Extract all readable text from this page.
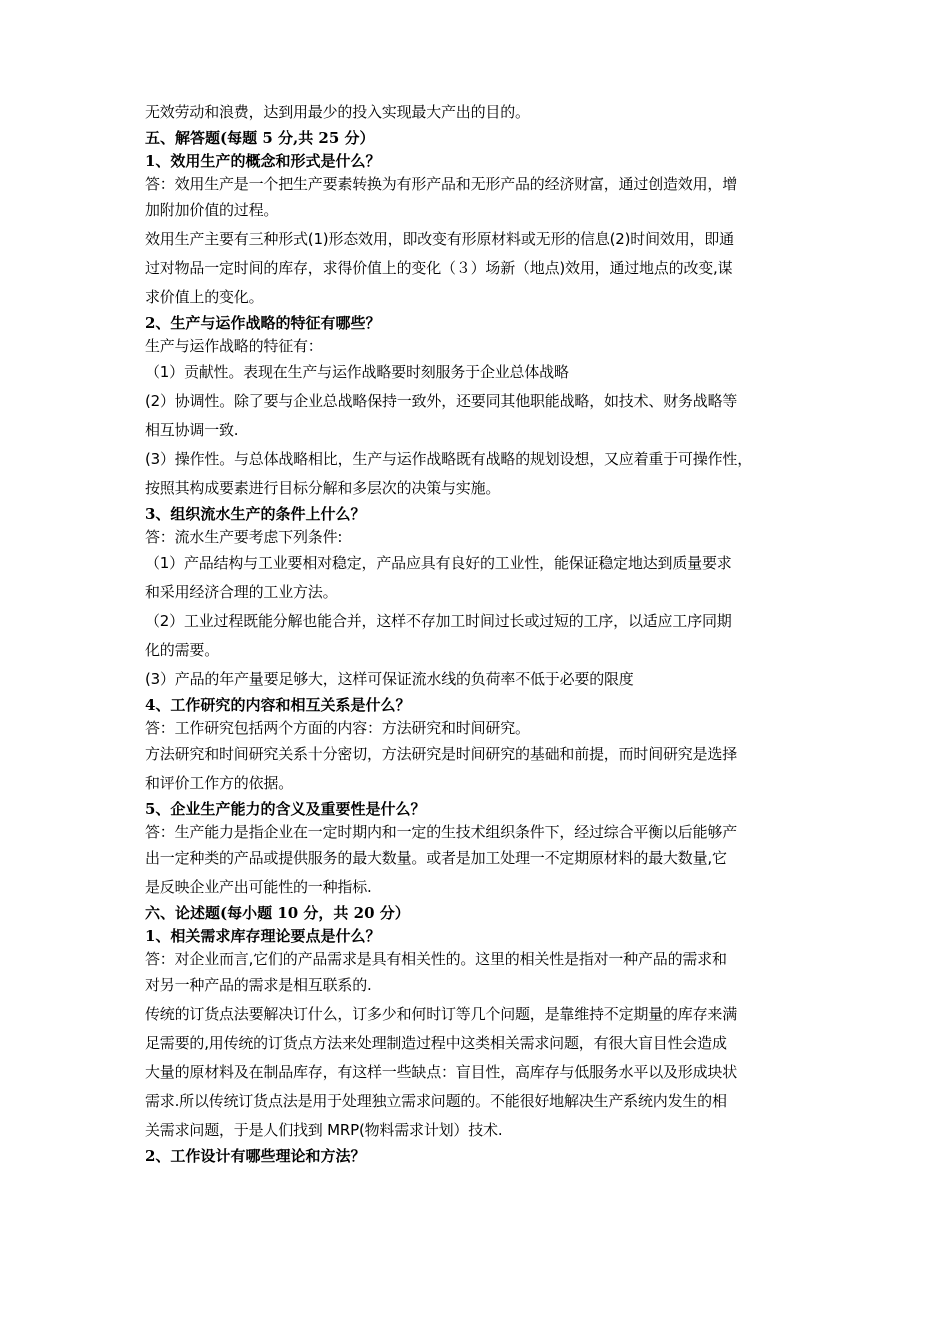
无效劳动和浪费，达到用最少的投入实现最大产出的目的。
五、解答题(每题 5 分,共 25 分）
1、效用生产的概念和形式是什么？
答：效用生产是一个把生产要素转换为有形产品和无形产品的经济财富，通过创造效用，增
加附加价值的过程。
效用生产主要有三种形式(1)形态效用，即改变有形原材料或无形的信息(2)时间效用，即通
过对物品一定时间的库存，求得价值上的变化（３）场新（地点)效用，通过地点的改变,谋
求价值上的变化。
2、生产与运作战略的特征有哪些？
生产与运作战略的特征有：
（1）贡献性。表现在生产与运作战略要时刻服务于企业总体战略
(2）协调性。除了要与企业总战略保持一致外，还要同其他职能战略，如技术、财务战略等
相互协调一致.
(3）操作性。与总体战略相比，生产与运作战略既有战略的规划设想，又应着重于可操作性，
按照其构成要素进行目标分解和多层次的决策与实施。
3、组织流水生产的条件上什么？
答：流水生产要考虑下列条件:
（1）产品结构与工业要相对稳定，产品应具有良好的工业性，能保证稳定地达到质量要求
和采用经济合理的工业方法。
（2）工业过程既能分解也能合并，这样不存加工时间过长或过短的工序，以适应工序同期
化的需要。
(3）产品的年产量要足够大，这样可保证流水线的负荷率不低于必要的限度
4、工作研究的内容和相互关系是什么？
答：工作研究包括两个方面的内容：方法研究和时间研究。
方法研究和时间研究关系十分密切，方法研究是时间研究的基础和前提，而时间研究是选择
和评价工作方的依据。
5、企业生产能力的含义及重要性是什么？
答：生产能力是指企业在一定时期内和一定的生技术组织条件下，经过综合平衡以后能够产
出一定种类的产品或提供服务的最大数量。或者是加工处理一不定期原材料的最大数量,它
是反映企业产出可能性的一种指标.
六、论述题(每小题 10 分，共 20 分）
1、相关需求库存理论要点是什么？
答：对企业而言,它们的产品需求是具有相关性的。这里的相关性是指对一种产品的需求和
对另一种产品的需求是相互联系的.
传统的订货点法要解决订什么，订多少和何时订等几个问题，是靠维持不定期量的库存来满
足需要的,用传统的订货点方法来处理制造过程中这类相关需求问题，有很大盲目性会造成
大量的原材料及在制品库存，有这样一些缺点：盲目性，高库存与低服务水平以及形成块状
需求.所以传统订货点法是用于处理独立需求问题的。不能很好地解决生产系统内发生的相
关需求问题，于是人们找到 MRP(物料需求计划）技术.
2、工作设计有哪些理论和方法？
